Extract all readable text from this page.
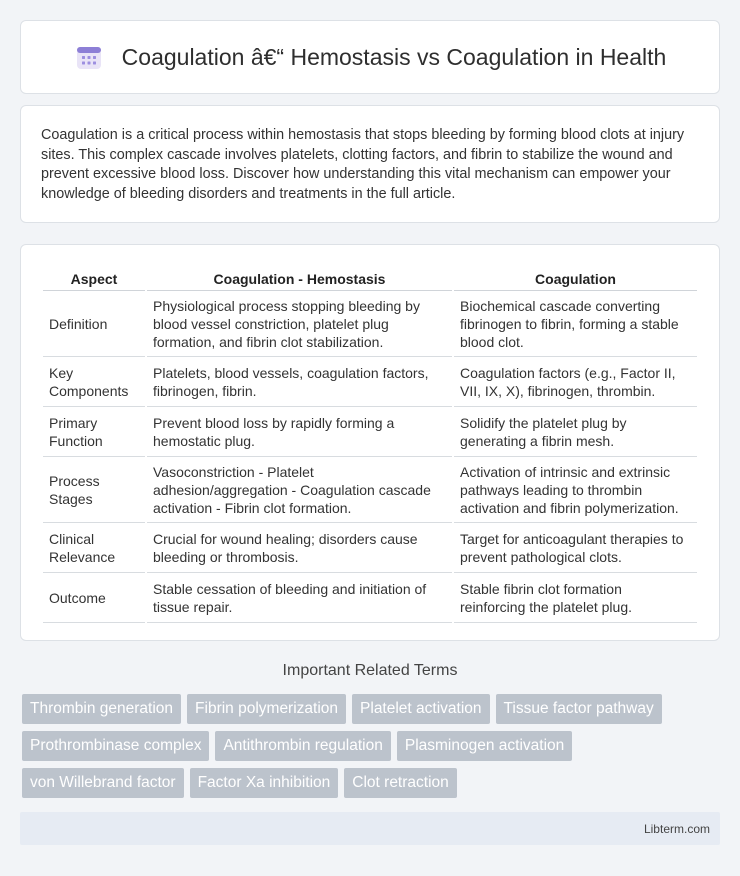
Coagulation â€“ Hemostasis vs Coagulation in Health

Coagulation is a critical process within hemostasis that stops bleeding by forming blood clots at injury sites. This complex cascade involves platelets, clotting factors, and fibrin to stabilize the wound and prevent excessive blood loss. Discover how understanding this vital mechanism can empower your knowledge of bleeding disorders and treatments in the full article.

Aspect	Coagulation - Hemostasis	Coagulation
Definition	Physiological process stopping bleeding by blood vessel constriction, platelet plug formation, and fibrin clot stabilization.	Biochemical cascade converting fibrinogen to fibrin, forming a stable blood clot.
Key Components	Platelets, blood vessels, coagulation factors, fibrinogen, fibrin.	Coagulation factors (e.g., Factor II, VII, IX, X), fibrinogen, thrombin.
Primary Function	Prevent blood loss by rapidly forming a hemostatic plug.	Solidify the platelet plug by generating a fibrin mesh.
Process Stages	Vasoconstriction - Platelet adhesion/aggregation - Coagulation cascade activation - Fibrin clot formation.	Activation of intrinsic and extrinsic pathways leading to thrombin activation and fibrin polymerization.
Clinical Relevance	Crucial for wound healing; disorders cause bleeding or thrombosis.	Target for anticoagulant therapies to prevent pathological clots.
Outcome	Stable cessation of bleeding and initiation of tissue repair.	Stable fibrin clot formation reinforcing the platelet plug.
Important Related Terms
Thrombin generation	Fibrin polymerization	Platelet activation	Tissue factor pathway
Prothrombinase complex	Antithrombin regulation	Plasminogen activation
von Willebrand factor	Factor Xa inhibition	Clot retraction
Libterm.com
